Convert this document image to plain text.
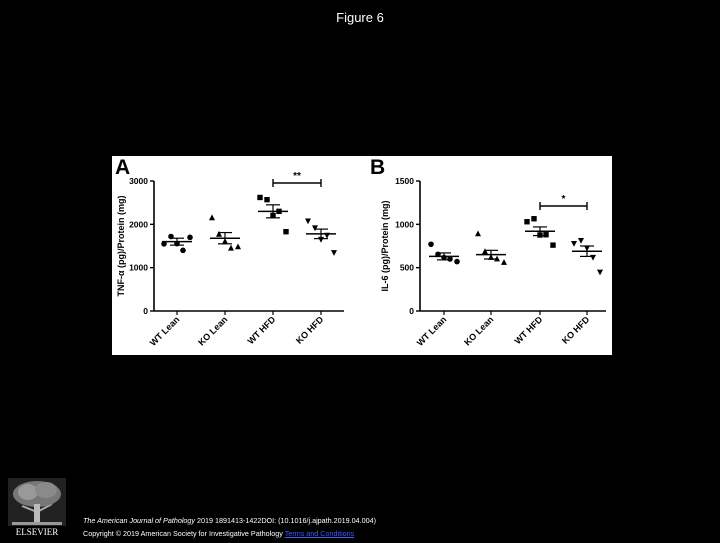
Figure 6
A
0
1000
2000
3000
TNF-α (pg)/Protein (mg)
WT Lean KO Lean WT HFD KO HFD
**	B
0
500
1000
1500
IL-6 (pg)/Protein (mg)
WT Lean KO Lean WT HFD KO HFD
*
ELSEVIER
The American Journal of Pathology 2019 1891413-1422DOI: (10.1016/j.ajpath.2019.04.004)
Copyright © 2019 American Society for Investigative Pathology Terms and Conditions
